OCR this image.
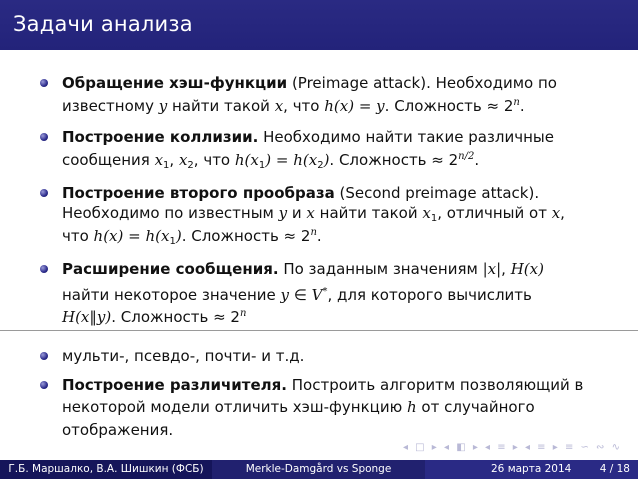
Задачи анализа
Обращение хэш-функции (Preimage attack). Необходимо по
известному y найти такой x, что h(x) = y. Сложность ≈ $2^n$.
Построение коллизии. Необходимо найти такие различные
сообщения $x_1$, $x_2$, что $h(x_1) = h(x_2)$. Сложность ≈ $2^{n/2}$.
Построение второго прообраза (Second preimage attack).
Необходимо по известным y и x найти такой $x_1$, отличный от x,
что $h(x) = h(x_1)$. Сложность ≈ $2^n$.
Расширение сообщения. По заданным значениям |x|, H(x)
найти некоторое значение y ∈ V*, для которого вычислить
H(x‖y). Сложность ≈ $2^n$
мульти-, псевдо-, почти- и т.д.
Построение различителя. Построить алгоритм позволяющий в
некоторой модели отличить хэш-функцию h от случайного
отображения.
◂ □ ▸ ◂ ◧ ▸ ◂ ≡ ▸ ◂ ≡ ▸ ≡ ∽ ∾ ∿
Г.Б. Маршалко, В.А. Шишкин (ФСБ)	Merkle-Damgård vs Sponge	26 марта 2014	4 / 18
